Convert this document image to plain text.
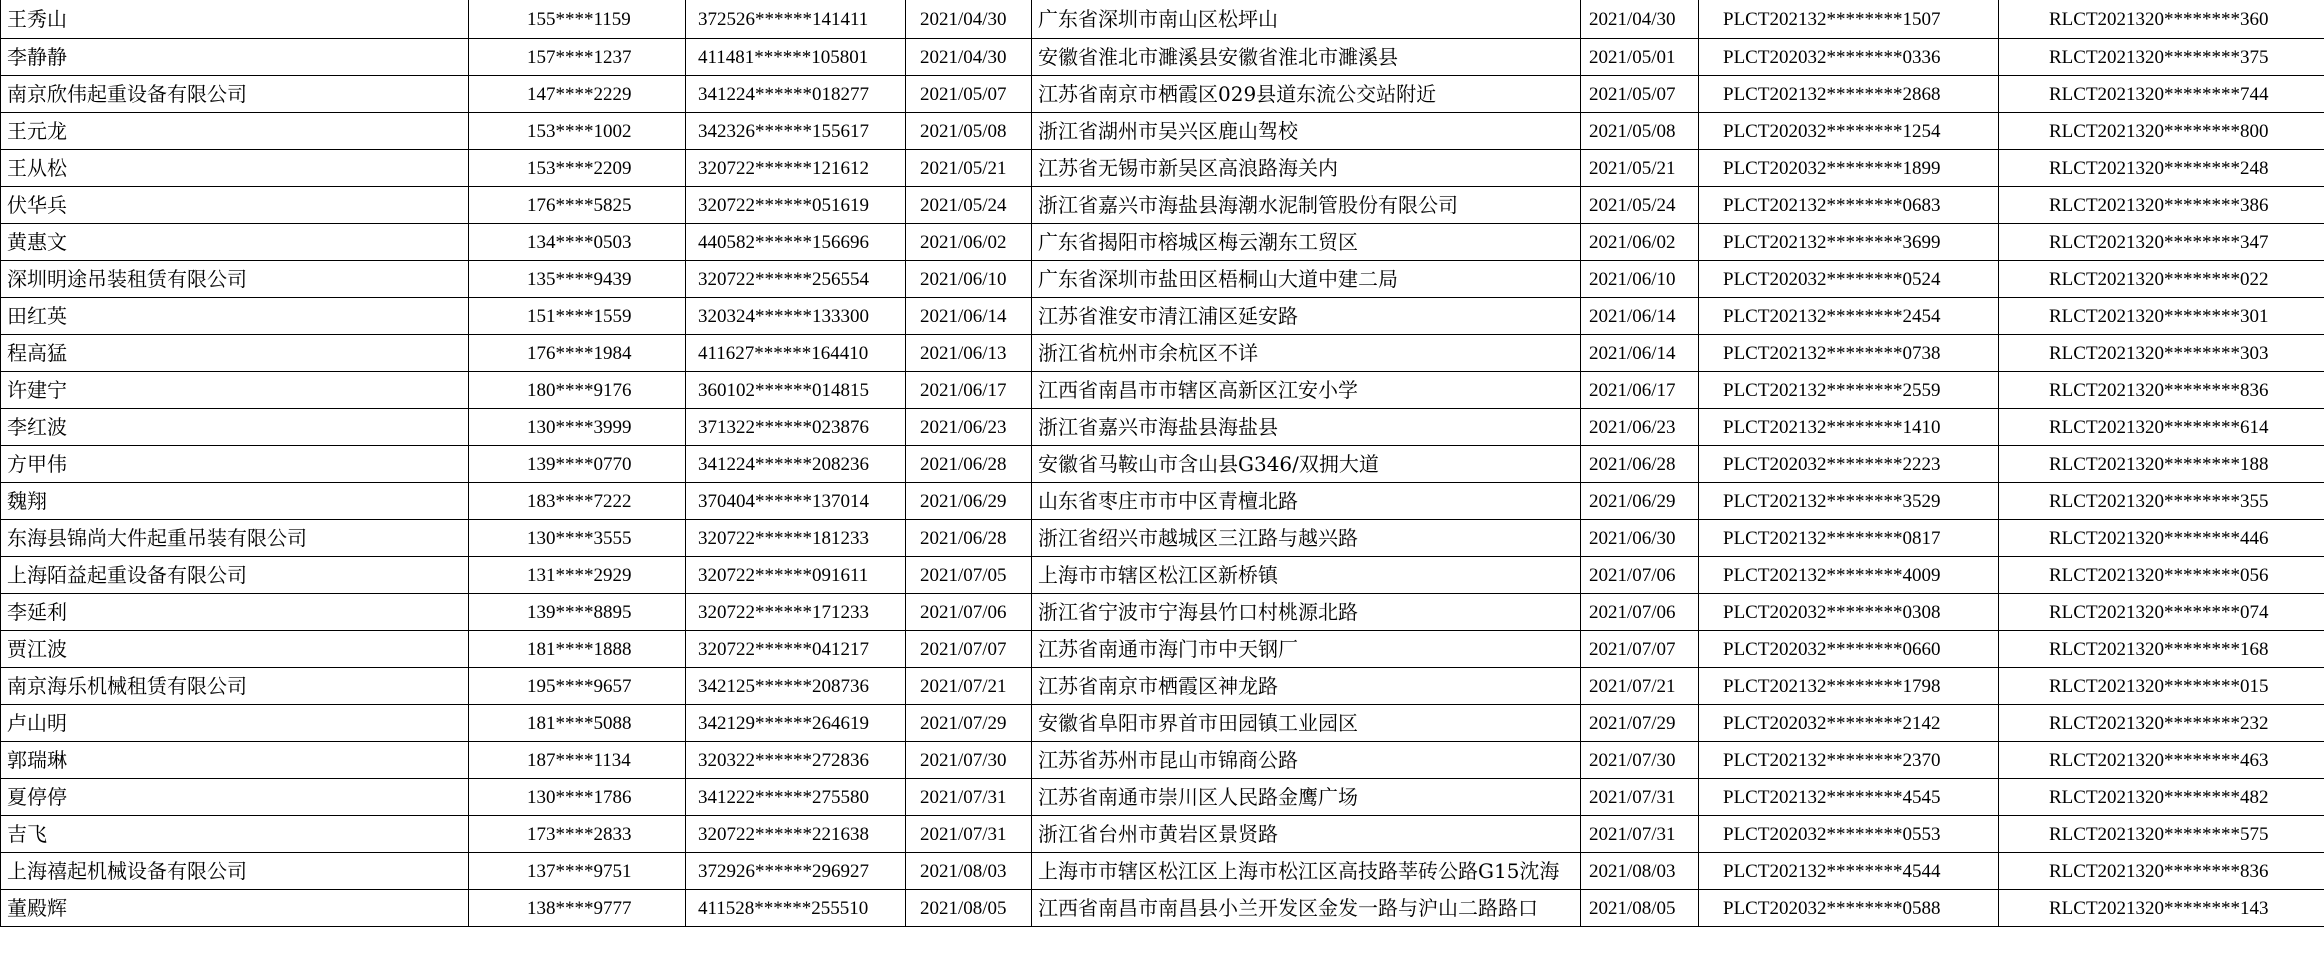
王秀山	155****1159	372526******141411	2021/04/30	广东省深圳市南山区松坪山	2021/04/30	PLCT202132********1507	RLCT2021320********360
李静静	157****1237	411481******105801	2021/04/30	安徽省淮北市濉溪县安徽省淮北市濉溪县	2021/05/01	PLCT202032********0336	RLCT2021320********375
南京欣伟起重设备有限公司	147****2229	341224******018277	2021/05/07	江苏省南京市栖霞区029县道东流公交站附近	2021/05/07	PLCT202132********2868	RLCT2021320********744
王元龙	153****1002	342326******155617	2021/05/08	浙江省湖州市吴兴区鹿山驾校	2021/05/08	PLCT202032********1254	RLCT2021320********800
王从松	153****2209	320722******121612	2021/05/21	江苏省无锡市新吴区高浪路海关内	2021/05/21	PLCT202032********1899	RLCT2021320********248
伏华兵	176****5825	320722******051619	2021/05/24	浙江省嘉兴市海盐县海潮水泥制管股份有限公司	2021/05/24	PLCT202132********0683	RLCT2021320********386
黄惠文	134****0503	440582******156696	2021/06/02	广东省揭阳市榕城区梅云潮东工贸区	2021/06/02	PLCT202132********3699	RLCT2021320********347
深圳明途吊装租赁有限公司	135****9439	320722******256554	2021/06/10	广东省深圳市盐田区梧桐山大道中建二局	2021/06/10	PLCT202032********0524	RLCT2021320********022
田红英	151****1559	320324******133300	2021/06/14	江苏省淮安市清江浦区延安路	2021/06/14	PLCT202132********2454	RLCT2021320********301
程高猛	176****1984	411627******164410	2021/06/13	浙江省杭州市余杭区不详	2021/06/14	PLCT202132********0738	RLCT2021320********303
许建宁	180****9176	360102******014815	2021/06/17	江西省南昌市市辖区高新区江安小学	2021/06/17	PLCT202132********2559	RLCT2021320********836
李红波	130****3999	371322******023876	2021/06/23	浙江省嘉兴市海盐县海盐县	2021/06/23	PLCT202132********1410	RLCT2021320********614
方甲伟	139****0770	341224******208236	2021/06/28	安徽省马鞍山市含山县G346/双拥大道	2021/06/28	PLCT202032********2223	RLCT2021320********188
魏翔	183****7222	370404******137014	2021/06/29	山东省枣庄市市中区青檀北路	2021/06/29	PLCT202132********3529	RLCT2021320********355
东海县锦尚大件起重吊装有限公司	130****3555	320722******181233	2021/06/28	浙江省绍兴市越城区三江路与越兴路	2021/06/30	PLCT202132********0817	RLCT2021320********446
上海陌益起重设备有限公司	131****2929	320722******091611	2021/07/05	上海市市辖区松江区新桥镇	2021/07/06	PLCT202132********4009	RLCT2021320********056
李延利	139****8895	320722******171233	2021/07/06	浙江省宁波市宁海县竹口村桃源北路	2021/07/06	PLCT202032********0308	RLCT2021320********074
贾江波	181****1888	320722******041217	2021/07/07	江苏省南通市海门市中天钢厂	2021/07/07	PLCT202032********0660	RLCT2021320********168
南京海乐机械租赁有限公司	195****9657	342125******208736	2021/07/21	江苏省南京市栖霞区神龙路	2021/07/21	PLCT202132********1798	RLCT2021320********015
卢山明	181****5088	342129******264619	2021/07/29	安徽省阜阳市界首市田园镇工业园区	2021/07/29	PLCT202032********2142	RLCT2021320********232
郭瑞琳	187****1134	320322******272836	2021/07/30	江苏省苏州市昆山市锦商公路	2021/07/30	PLCT202132********2370	RLCT2021320********463
夏停停	130****1786	341222******275580	2021/07/31	江苏省南通市崇川区人民路金鹰广场	2021/07/31	PLCT202132********4545	RLCT2021320********482
吉飞	173****2833	320722******221638	2021/07/31	浙江省台州市黄岩区景贤路	2021/07/31	PLCT202032********0553	RLCT2021320********575
上海禧起机械设备有限公司	137****9751	372926******296927	2021/08/03	上海市市辖区松江区上海市松江区高技路莘砖公路G15沈海	2021/08/03	PLCT202132********4544	RLCT2021320********836
董殿辉	138****9777	411528******255510	2021/08/05	江西省南昌市南昌县小兰开发区金发一路与沪山二路路口	2021/08/05	PLCT202032********0588	RLCT2021320********143
